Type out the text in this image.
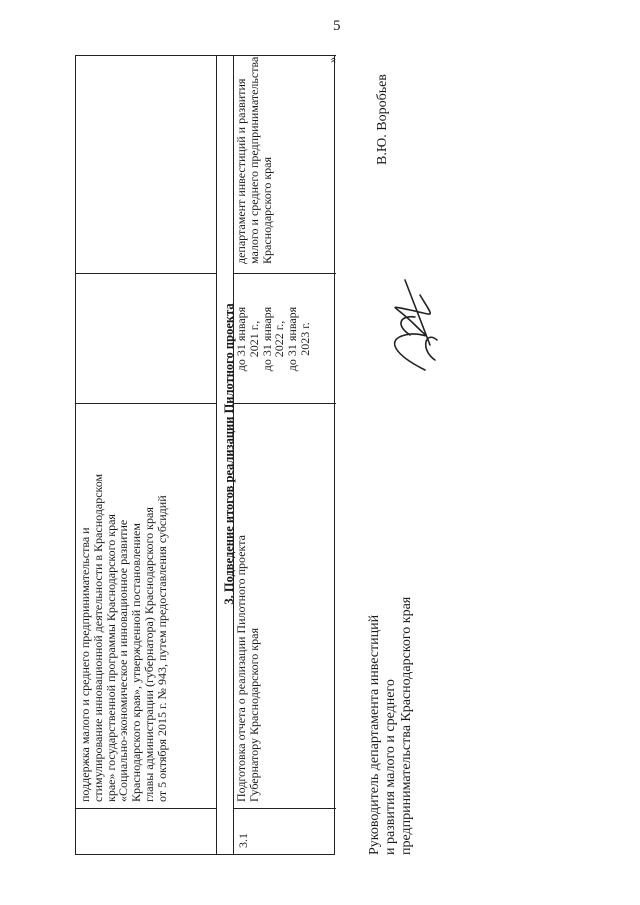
5
поддержка малого и среднего предпринимательства и
стимулирование инновационной деятельности в Краснодарском
крае» государственной программы Краснодарского края
«Социально-экономическое и инновационное развитие
Краснодарского края», утвержденной постановлением
главы администрации (губернатора) Краснодарского края
от 5 октября 2015 г. № 943, путем предоставления субсидий
3. Подведение итогов реализации Пилотного проекта
3.1
Подготовка отчета о реализации Пилотного проекта
Губернатору Краснодарского края
до 31 января
2021 г.,
до 31 января
2022 г.,
до 31 января
2023 г.
департамент инвестиций и развития
малого и среднего предпринимательства
Краснодарского края
».
Руководитель департамента инвестиций и развития малого и среднего предпринимательства Краснодарского края
В.Ю. Воробьев
